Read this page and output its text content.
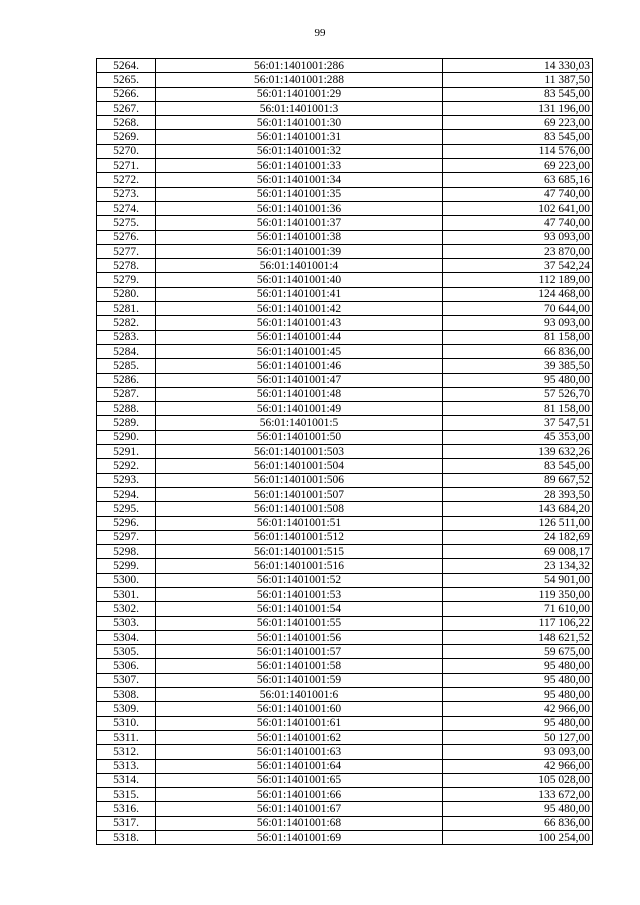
99
5264.	56:01:1401001:286	14 330,03
5265.	56:01:1401001:288	11 387,50
5266.	56:01:1401001:29	83 545,00
5267.	56:01:1401001:3	131 196,00
5268.	56:01:1401001:30	69 223,00
5269.	56:01:1401001:31	83 545,00
5270.	56:01:1401001:32	114 576,00
5271.	56:01:1401001:33	69 223,00
5272.	56:01:1401001:34	63 685,16
5273.	56:01:1401001:35	47 740,00
5274.	56:01:1401001:36	102 641,00
5275.	56:01:1401001:37	47 740,00
5276.	56:01:1401001:38	93 093,00
5277.	56:01:1401001:39	23 870,00
5278.	56:01:1401001:4	37 542,24
5279.	56:01:1401001:40	112 189,00
5280.	56:01:1401001:41	124 468,00
5281.	56:01:1401001:42	70 644,00
5282.	56:01:1401001:43	93 093,00
5283.	56:01:1401001:44	81 158,00
5284.	56:01:1401001:45	66 836,00
5285.	56:01:1401001:46	39 385,50
5286.	56:01:1401001:47	95 480,00
5287.	56:01:1401001:48	57 526,70
5288.	56:01:1401001:49	81 158,00
5289.	56:01:1401001:5	37 547,51
5290.	56:01:1401001:50	45 353,00
5291.	56:01:1401001:503	139 632,26
5292.	56:01:1401001:504	83 545,00
5293.	56:01:1401001:506	89 667,52
5294.	56:01:1401001:507	28 393,50
5295.	56:01:1401001:508	143 684,20
5296.	56:01:1401001:51	126 511,00
5297.	56:01:1401001:512	24 182,69
5298.	56:01:1401001:515	69 008,17
5299.	56:01:1401001:516	23 134,32
5300.	56:01:1401001:52	54 901,00
5301.	56:01:1401001:53	119 350,00
5302.	56:01:1401001:54	71 610,00
5303.	56:01:1401001:55	117 106,22
5304.	56:01:1401001:56	148 621,52
5305.	56:01:1401001:57	59 675,00
5306.	56:01:1401001:58	95 480,00
5307.	56:01:1401001:59	95 480,00
5308.	56:01:1401001:6	95 480,00
5309.	56:01:1401001:60	42 966,00
5310.	56:01:1401001:61	95 480,00
5311.	56:01:1401001:62	50 127,00
5312.	56:01:1401001:63	93 093,00
5313.	56:01:1401001:64	42 966,00
5314.	56:01:1401001:65	105 028,00
5315.	56:01:1401001:66	133 672,00
5316.	56:01:1401001:67	95 480,00
5317.	56:01:1401001:68	66 836,00
5318.	56:01:1401001:69	100 254,00
